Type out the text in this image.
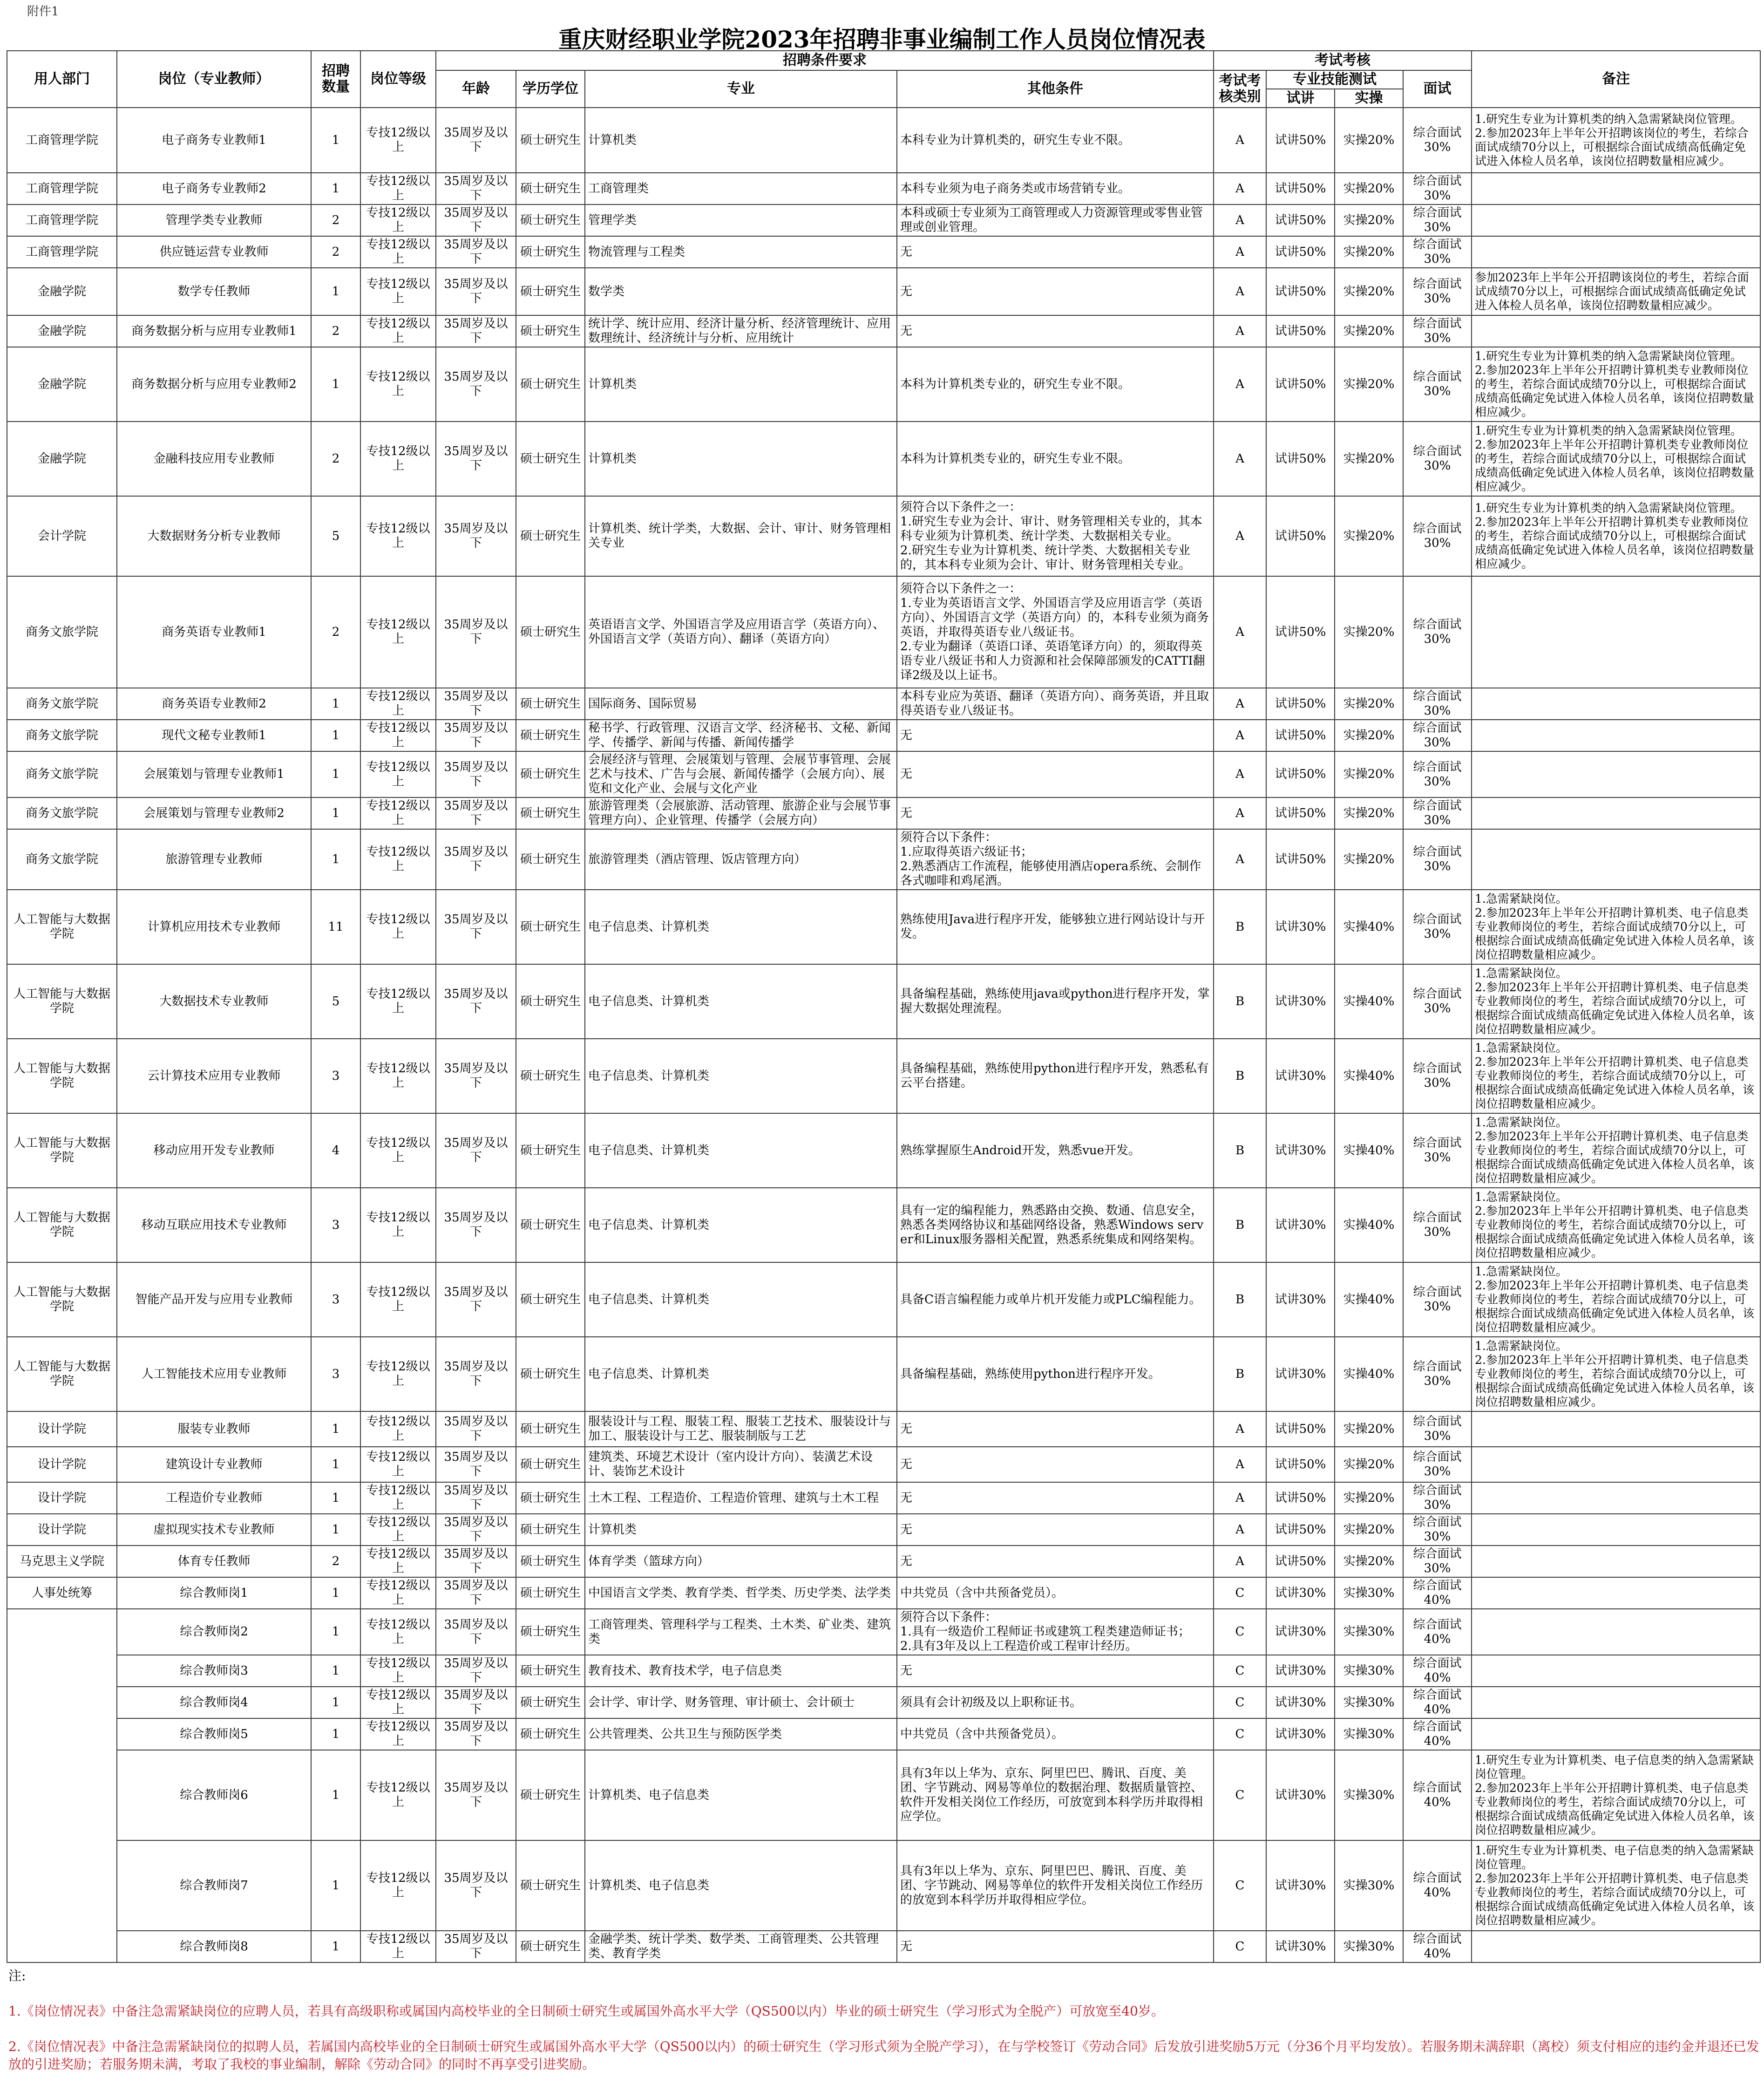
附件1
重庆财经职业学院2023年招聘非事业编制工作人员岗位情况表
用人部门	岗位（专业教师）	招聘
数量	岗位等级	招聘条件要求				考试考核				备注
				年龄	学历学位	专业	其他条件	考试考
核类别	专业技能测试		面试	
									试讲	实操		
工商管理学院	电子商务专业教师1	1	专技12级以上	35周岁及以下	硕士研究生	计算机类	本科专业为计算机类的，研究生专业不限。	A	试讲50%	实操20%	综合面试
30%	1.研究生专业为计算机类的纳入急需紧缺岗位管理。
2.参加2023年上半年公开招聘该岗位的考生，若综合面试成绩70分以上，可根据综合面试成绩高低确定免试进入体检人员名单，该岗位招聘数量相应减少。
工商管理学院	电子商务专业教师2	1	专技12级以上	35周岁及以下	硕士研究生	工商管理类	本科专业须为电子商务类或市场营销专业。	A	试讲50%	实操20%	综合面试
30%	
工商管理学院	管理学类专业教师	2	专技12级以上	35周岁及以下	硕士研究生	管理学类	本科或硕士专业须为工商管理或人力资源管理或零售业管理或创业管理。	A	试讲50%	实操20%	综合面试
30%	
工商管理学院	供应链运营专业教师	2	专技12级以上	35周岁及以下	硕士研究生	物流管理与工程类	无	A	试讲50%	实操20%	综合面试
30%	
金融学院	数学专任教师	1	专技12级以上	35周岁及以下	硕士研究生	数学类	无	A	试讲50%	实操20%	综合面试
30%	参加2023年上半年公开招聘该岗位的考生，若综合面试成绩70分以上，可根据综合面试成绩高低确定免试进入体检人员名单，该岗位招聘数量相应减少。
金融学院	商务数据分析与应用专业教师1	2	专技12级以上	35周岁及以下	硕士研究生	统计学、统计应用、经济计量分析、经济管理统计、应用数理统计、经济统计与分析、应用统计	无	A	试讲50%	实操20%	综合面试
30%	
金融学院	商务数据分析与应用专业教师2	1	专技12级以上	35周岁及以下	硕士研究生	计算机类	本科为计算机类专业的，研究生专业不限。	A	试讲50%	实操20%	综合面试
30%	1.研究生专业为计算机类的纳入急需紧缺岗位管理。
2.参加2023年上半年公开招聘计算机类专业教师岗位的考生，若综合面试成绩70分以上，可根据综合面试成绩高低确定免试进入体检人员名单，该岗位招聘数量相应减少。
金融学院	金融科技应用专业教师	2	专技12级以上	35周岁及以下	硕士研究生	计算机类	本科为计算机类专业的，研究生专业不限。	A	试讲50%	实操20%	综合面试
30%	1.研究生专业为计算机类的纳入急需紧缺岗位管理。
2.参加2023年上半年公开招聘计算机类专业教师岗位的考生，若综合面试成绩70分以上，可根据综合面试成绩高低确定免试进入体检人员名单，该岗位招聘数量相应减少。
会计学院	大数据财务分析专业教师	5	专技12级以上	35周岁及以下	硕士研究生	计算机类、统计学类，大数据、会计、审计、财务管理相关专业	须符合以下条件之一：
1.研究生专业为会计、审计、财务管理相关专业的，其本科专业须为计算机类、统计学类、大数据相关专业。
2.研究生专业为计算机类、统计学类、大数据相关专业的，其本科专业须为会计、审计、财务管理相关专业。	A	试讲50%	实操20%	综合面试
30%	1.研究生专业为计算机类的纳入急需紧缺岗位管理。
2.参加2023年上半年公开招聘计算机类专业教师岗位的考生，若综合面试成绩70分以上，可根据综合面试成绩高低确定免试进入体检人员名单，该岗位招聘数量相应减少。
商务文旅学院	商务英语专业教师1	2	专技12级以上	35周岁及以下	硕士研究生	英语语言文学、外国语言学及应用语言学（英语方向）、外国语言文学（英语方向）、翻译（英语方向）	须符合以下条件之一：
1.专业为英语语言文学、外国语言学及应用语言学（英语方向）、外国语言文学（英语方向）的，本科专业须为商务英语，并取得英语专业八级证书。
2.专业为翻译（英语口译、英语笔译方向）的，须取得英语专业八级证书和人力资源和社会保障部颁发的CATTI翻译2级及以上证书。	A	试讲50%	实操20%	综合面试
30%	
商务文旅学院	商务英语专业教师2	1	专技12级以上	35周岁及以下	硕士研究生	国际商务、国际贸易	本科专业应为英语、翻译（英语方向）、商务英语，并且取得英语专业八级证书。	A	试讲50%	实操20%	综合面试
30%	
商务文旅学院	现代文秘专业教师1	1	专技12级以上	35周岁及以下	硕士研究生	秘书学、行政管理、汉语言文学、经济秘书、文秘、新闻学、传播学、新闻与传播、新闻传播学	无	A	试讲50%	实操20%	综合面试
30%	
商务文旅学院	会展策划与管理专业教师1	1	专技12级以上	35周岁及以下	硕士研究生	会展经济与管理、会展策划与管理、会展节事管理、会展艺术与技术、广告与会展、新闻传播学（会展方向）、展览和文化产业、会展与文化产业	无	A	试讲50%	实操20%	综合面试
30%	
商务文旅学院	会展策划与管理专业教师2	1	专技12级以上	35周岁及以下	硕士研究生	旅游管理类（会展旅游、活动管理、旅游企业与会展节事管理方向）、企业管理、传播学（会展方向）	无	A	试讲50%	实操20%	综合面试
30%	
商务文旅学院	旅游管理专业教师	1	专技12级以上	35周岁及以下	硕士研究生	旅游管理类（酒店管理、饭店管理方向）	须符合以下条件：
1.应取得英语六级证书；
2.熟悉酒店工作流程，能够使用酒店opera系统、会制作各式咖啡和鸡尾酒。	A	试讲50%	实操20%	综合面试
30%	
人工智能与大数据学院	计算机应用技术专业教师	11	专技12级以上	35周岁及以下	硕士研究生	电子信息类、计算机类	熟练使用Java进行程序开发，能够独立进行网站设计与开发。	B	试讲30%	实操40%	综合面试
30%	1.急需紧缺岗位。
2.参加2023年上半年公开招聘计算机类、电子信息类专业教师岗位的考生，若综合面试成绩70分以上，可根据综合面试成绩高低确定免试进入体检人员名单，该岗位招聘数量相应减少。
人工智能与大数据学院	大数据技术专业教师	5	专技12级以上	35周岁及以下	硕士研究生	电子信息类、计算机类	具备编程基础，熟练使用java或python进行程序开发，掌握大数据处理流程。	B	试讲30%	实操40%	综合面试
30%	1.急需紧缺岗位。
2.参加2023年上半年公开招聘计算机类、电子信息类专业教师岗位的考生，若综合面试成绩70分以上，可根据综合面试成绩高低确定免试进入体检人员名单，该岗位招聘数量相应减少。
人工智能与大数据学院	云计算技术应用专业教师	3	专技12级以上	35周岁及以下	硕士研究生	电子信息类、计算机类	具备编程基础，熟练使用python进行程序开发，熟悉私有云平台搭建。	B	试讲30%	实操40%	综合面试
30%	1.急需紧缺岗位。
2.参加2023年上半年公开招聘计算机类、电子信息类专业教师岗位的考生，若综合面试成绩70分以上，可根据综合面试成绩高低确定免试进入体检人员名单，该岗位招聘数量相应减少。
人工智能与大数据学院	移动应用开发专业教师	4	专技12级以上	35周岁及以下	硕士研究生	电子信息类、计算机类	熟练掌握原生Android开发，熟悉vue开发。	B	试讲30%	实操40%	综合面试
30%	1.急需紧缺岗位。
2.参加2023年上半年公开招聘计算机类、电子信息类专业教师岗位的考生，若综合面试成绩70分以上，可根据综合面试成绩高低确定免试进入体检人员名单，该岗位招聘数量相应减少。
人工智能与大数据学院	移动互联应用技术专业教师	3	专技12级以上	35周岁及以下	硕士研究生	电子信息类、计算机类	具有一定的编程能力，熟悉路由交换、数通、信息安全，熟悉各类网络协议和基础网络设备，熟悉Windows server和Linux服务器相关配置，熟悉系统集成和网络架构。	B	试讲30%	实操40%	综合面试
30%	1.急需紧缺岗位。
2.参加2023年上半年公开招聘计算机类、电子信息类专业教师岗位的考生，若综合面试成绩70分以上，可根据综合面试成绩高低确定免试进入体检人员名单，该岗位招聘数量相应减少。
人工智能与大数据学院	智能产品开发与应用专业教师	3	专技12级以上	35周岁及以下	硕士研究生	电子信息类、计算机类	具备C语言编程能力或单片机开发能力或PLC编程能力。	B	试讲30%	实操40%	综合面试
30%	1.急需紧缺岗位。
2.参加2023年上半年公开招聘计算机类、电子信息类专业教师岗位的考生，若综合面试成绩70分以上，可根据综合面试成绩高低确定免试进入体检人员名单，该岗位招聘数量相应减少。
人工智能与大数据学院	人工智能技术应用专业教师	3	专技12级以上	35周岁及以下	硕士研究生	电子信息类、计算机类	具备编程基础，熟练使用python进行程序开发。	B	试讲30%	实操40%	综合面试
30%	1.急需紧缺岗位。
2.参加2023年上半年公开招聘计算机类、电子信息类专业教师岗位的考生，若综合面试成绩70分以上，可根据综合面试成绩高低确定免试进入体检人员名单，该岗位招聘数量相应减少。
设计学院	服装专业教师	1	专技12级以上	35周岁及以下	硕士研究生	服装设计与工程、服装工程、服装工艺技术、服装设计与加工、服装设计与工艺、服装制版与工艺	无	A	试讲50%	实操20%	综合面试
30%	
设计学院	建筑设计专业教师	1	专技12级以上	35周岁及以下	硕士研究生	建筑类、环境艺术设计（室内设计方向）、装潢艺术设计、装饰艺术设计	无	A	试讲50%	实操20%	综合面试
30%	
设计学院	工程造价专业教师	1	专技12级以上	35周岁及以下	硕士研究生	土木工程、工程造价、工程造价管理、建筑与土木工程	无	A	试讲50%	实操20%	综合面试
30%	
设计学院	虚拟现实技术专业教师	1	专技12级以上	35周岁及以下	硕士研究生	计算机类	无	A	试讲50%	实操20%	综合面试
30%	
马克思主义学院	体育专任教师	2	专技12级以上	35周岁及以下	硕士研究生	体育学类（篮球方向）	无	A	试讲50%	实操20%	综合面试
30%	
人事处统筹	综合教师岗1	1	专技12级以上	35周岁及以下	硕士研究生	中国语言文学类、教育学类、哲学类、历史学类、法学类	中共党员（含中共预备党员）。	C	试讲30%	实操30%	综合面试
40%	
	综合教师岗2	1	专技12级以上	35周岁及以下	硕士研究生	工商管理类、管理科学与工程类、土木类、矿业类、建筑类	须符合以下条件：
1.具有一级造价工程师证书或建筑工程类建造师证书；
2.具有3年及以上工程造价或工程审计经历。	C	试讲30%	实操30%	综合面试
40%	
	综合教师岗3	1	专技12级以上	35周岁及以下	硕士研究生	教育技术、教育技术学，电子信息类	无	C	试讲30%	实操30%	综合面试
40%	
	综合教师岗4	1	专技12级以上	35周岁及以下	硕士研究生	会计学、审计学、财务管理、审计硕士、会计硕士	须具有会计初级及以上职称证书。	C	试讲30%	实操30%	综合面试
40%	
	综合教师岗5	1	专技12级以上	35周岁及以下	硕士研究生	公共管理类、公共卫生与预防医学类	中共党员（含中共预备党员）。	C	试讲30%	实操30%	综合面试
40%	
	综合教师岗6	1	专技12级以上	35周岁及以下	硕士研究生	计算机类、电子信息类	具有3年以上华为、京东、阿里巴巴、腾讯、百度、美团、字节跳动、网易等单位的数据治理、数据质量管控、软件开发相关岗位工作经历，可放宽到本科学历并取得相应学位。	C	试讲30%	实操30%	综合面试
40%	1.研究生专业为计算机类、电子信息类的纳入急需紧缺岗位管理。
2.参加2023年上半年公开招聘计算机类、电子信息类专业教师岗位的考生，若综合面试成绩70分以上，可根据综合面试成绩高低确定免试进入体检人员名单，该岗位招聘数量相应减少。
	综合教师岗7	1	专技12级以上	35周岁及以下	硕士研究生	计算机类、电子信息类	具有3年以上华为、京东、阿里巴巴、腾讯、百度、美团、字节跳动、网易等单位的软件开发相关岗位工作经历的放宽到本科学历并取得相应学位。	C	试讲30%	实操30%	综合面试
40%	1.研究生专业为计算机类、电子信息类的纳入急需紧缺岗位管理。
2.参加2023年上半年公开招聘计算机类、电子信息类专业教师岗位的考生，若综合面试成绩70分以上，可根据综合面试成绩高低确定免试进入体检人员名单，该岗位招聘数量相应减少。
	综合教师岗8	1	专技12级以上	35周岁及以下	硕士研究生	金融学类、统计学类、数学类、工商管理类、公共管理类、教育学类	无	C	试讲30%	实操30%	综合面试
40%	

注:

1.《岗位情况表》中备注急需紧缺岗位的应聘人员，若具有高级职称或属国内高校毕业的全日制硕士研究生或属国外高水平大学（QS500以内）毕业的硕士研究生（学习形式为全脱产）可放宽至40岁。

2.《岗位情况表》中备注急需紧缺岗位的拟聘人员，若属国内高校毕业的全日制硕士研究生或属国外高水平大学（QS500以内）的硕士研究生（学习形式须为全脱产学习），在与学校签订《劳动合同》后发放引进奖励5万元（分36个月平均发放）。若服务期未满辞职（离校）须支付相应的违约金并退还已发放的引进奖励；若服务期未满，考取了我校的事业编制，解除《劳动合同》的同时不再享受引进奖励。
